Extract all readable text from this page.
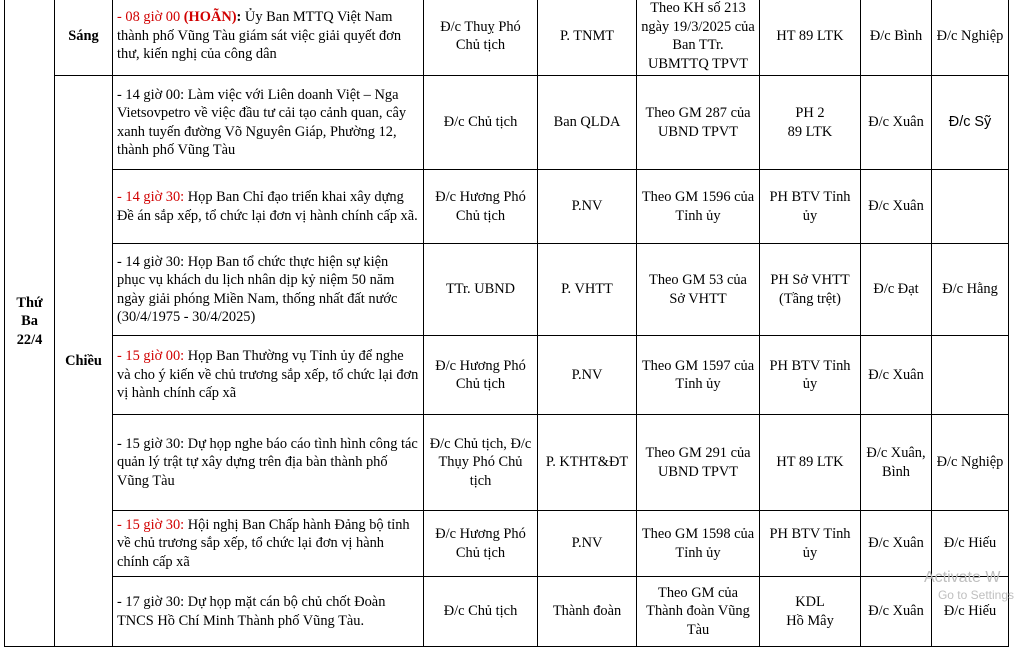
Thứ
Ba
22/4	Sáng	- 08 giờ 00 (HOÃN): Ủy Ban MTTQ Việt Nam thành phố Vũng Tàu giám sát việc giải quyết đơn thư, kiến nghị của công dân	Đ/c Thuỵ Phó Chủ tịch	P. TNMT	Theo KH số 213 ngày 19/3/2025 của Ban TTr. UBMTTQ TPVT	HT 89 LTK	Đ/c Bình	Đ/c Nghiệp
	Chiều	- 14 giờ 00: Làm việc với Liên doanh Việt – Nga Vietsovpetro về việc đầu tư cải tạo cảnh quan, cây xanh tuyến đường Võ Nguyên Giáp, Phường 12, thành phố Vũng Tàu	Đ/c Chủ tịch	Ban QLDA	Theo GM 287 của UBND TPVT	PH 2
89 LTK	Đ/c Xuân	Đ/c Sỹ
		- 14 giờ 30: Họp Ban Chỉ đạo triển khai xây dựng Đề án sắp xếp, tổ chức lại đơn vị hành chính cấp xã.	Đ/c Hương Phó Chủ tịch	P.NV	Theo GM 1596 của Tỉnh ủy	PH BTV Tỉnh ủy	Đ/c Xuân	
		- 14 giờ 30: Họp Ban tổ chức thực hiện sự kiện phục vụ khách du lịch nhân dịp kỷ niệm 50 năm ngày giải phóng Miền Nam, thống nhất đất nước (30/4/1975 - 30/4/2025)	TTr. UBND	P. VHTT	Theo GM 53 của Sở VHTT	PH Sở VHTT (Tầng trệt)	Đ/c Đạt	Đ/c Hằng
		- 15 giờ 00: Họp Ban Thường vụ Tỉnh ủy để nghe và cho ý kiến về chủ trương sắp xếp, tổ chức lại đơn vị hành chính cấp xã	Đ/c Hương Phó Chủ tịch	P.NV	Theo GM 1597 của Tỉnh ủy	PH BTV Tỉnh ủy	Đ/c Xuân	
		- 15 giờ 30: Dự họp nghe báo cáo tình hình công tác quản lý trật tự xây dựng trên địa bàn thành phố Vũng Tàu	Đ/c Chủ tịch, Đ/c Thụy Phó Chủ tịch	P. KTHT&ĐT	Theo GM 291 của UBND TPVT	HT 89 LTK	Đ/c Xuân, Bình	Đ/c Nghiệp
		- 15 giờ 30: Hội nghị Ban Chấp hành Đảng bộ tỉnh về chủ trương sắp xếp, tổ chức lại đơn vị hành chính cấp xã	Đ/c Hương Phó Chủ tịch	P.NV	Theo GM 1598 của Tỉnh ủy	PH BTV Tỉnh ủy	Đ/c Xuân	Đ/c Hiếu
		- 17 giờ 30: Dự họp mặt cán bộ chủ chốt Đoàn TNCS Hồ Chí Minh Thành phố Vũng Tàu.	Đ/c Chủ tịch	Thành đoàn	Theo GM của Thành đoàn Vũng Tàu	KDL
Hồ Mây	Đ/c Xuân	Đ/c Hiếu
Activate W
Go to Settings
